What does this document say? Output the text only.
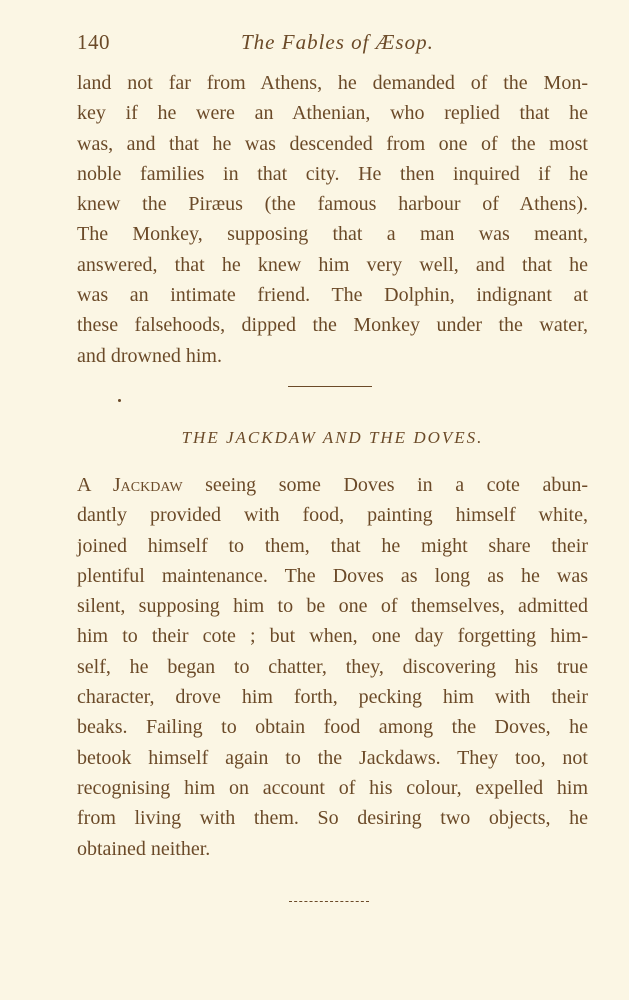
140	The Fables of Æsop.
land not far from Athens, he demanded of the Mon-
key if he were an Athenian, who replied that he
was, and that he was descended from one of the most
noble families in that city. He then inquired if he
knew the Piræus (the famous harbour of Athens).
The Monkey, supposing that a man was meant,
answered, that he knew him very well, and that he
was an intimate friend. The Dolphin, indignant at
these falsehoods, dipped the Monkey under the water,
and drowned him.
THE JACKDAW AND THE DOVES.
A Jackdaw seeing some Doves in a cote abun-
dantly provided with food, painting himself white,
joined himself to them, that he might share their
plentiful maintenance. The Doves as long as he was
silent, supposing him to be one of themselves, admitted
him to their cote ; but when, one day forgetting him-
self, he began to chatter, they, discovering his true
character, drove him forth, pecking him with their
beaks. Failing to obtain food among the Doves, he
betook himself again to the Jackdaws. They too, not
recognising him on account of his colour, expelled him
from living with them. So desiring two objects, he
obtained neither.
